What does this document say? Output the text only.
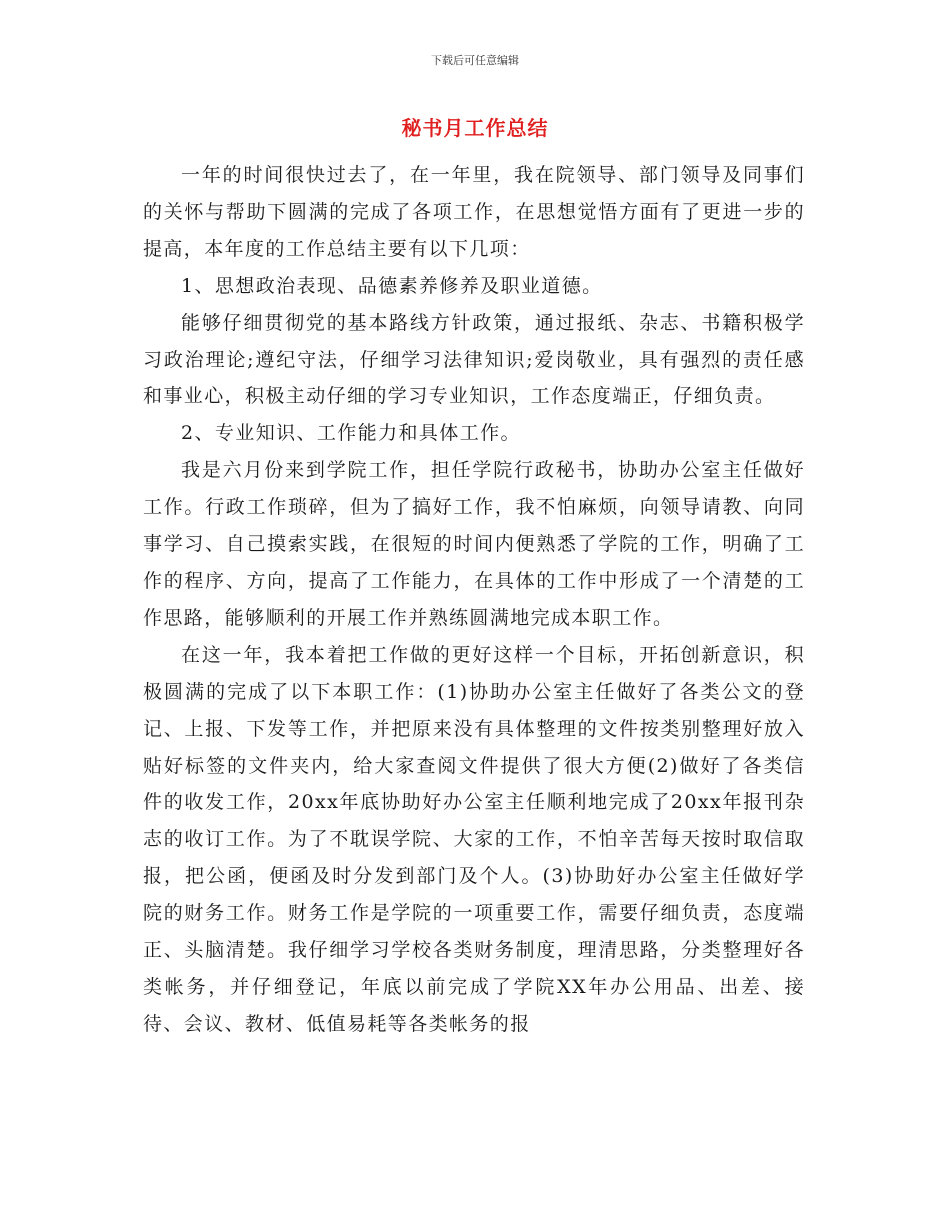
下载后可任意编辑
秘书月工作总结

一年的时间很快过去了，在一年里，我在院领导、部门领导及同事们的关怀与帮助下圆满的完成了各项工作，在思想觉悟方面有了更进一步的提高，本年度的工作总结主要有以下几项：

1、思想政治表现、品德素养修养及职业道德。

能够仔细贯彻党的基本路线方针政策，通过报纸、杂志、书籍积极学习政治理论;遵纪守法，仔细学习法律知识;爱岗敬业，具有强烈的责任感和事业心，积极主动仔细的学习专业知识，工作态度端正，仔细负责。

2、专业知识、工作能力和具体工作。

我是六月份来到学院工作，担任学院行政秘书，协助办公室主任做好工作。行政工作琐碎，但为了搞好工作，我不怕麻烦，向领导请教、向同事学习、自己摸索实践，在很短的时间内便熟悉了学院的工作，明确了工作的程序、方向，提高了工作能力，在具体的工作中形成了一个清楚的工作思路，能够顺利的开展工作并熟练圆满地完成本职工作。

在这一年，我本着把工作做的更好这样一个目标，开拓创新意识，积极圆满的完成了以下本职工作：(1)协助办公室主任做好了各类公文的登记、上报、下发等工作，并把原来没有具体整理的文件按类别整理好放入贴好标签的文件夹内，给大家查阅文件提供了很大方便(2)做好了各类信件的收发工作，20xx年底协助好办公室主任顺利地完成了20xx年报刊杂志的收订工作。为了不耽误学院、大家的工作，不怕辛苦每天按时取信取报，把公函，便函及时分发到部门及个人。(3)协助好办公室主任做好学院的财务工作。财务工作是学院的一项重要工作，需要仔细负责，态度端正、头脑清楚。我仔细学习学校各类财务制度，理清思路，分类整理好各类帐务，并仔细登记，年底以前完成了学院XX年办公用品、出差、接待、会议、教材、低值易耗等各类帐务的报
